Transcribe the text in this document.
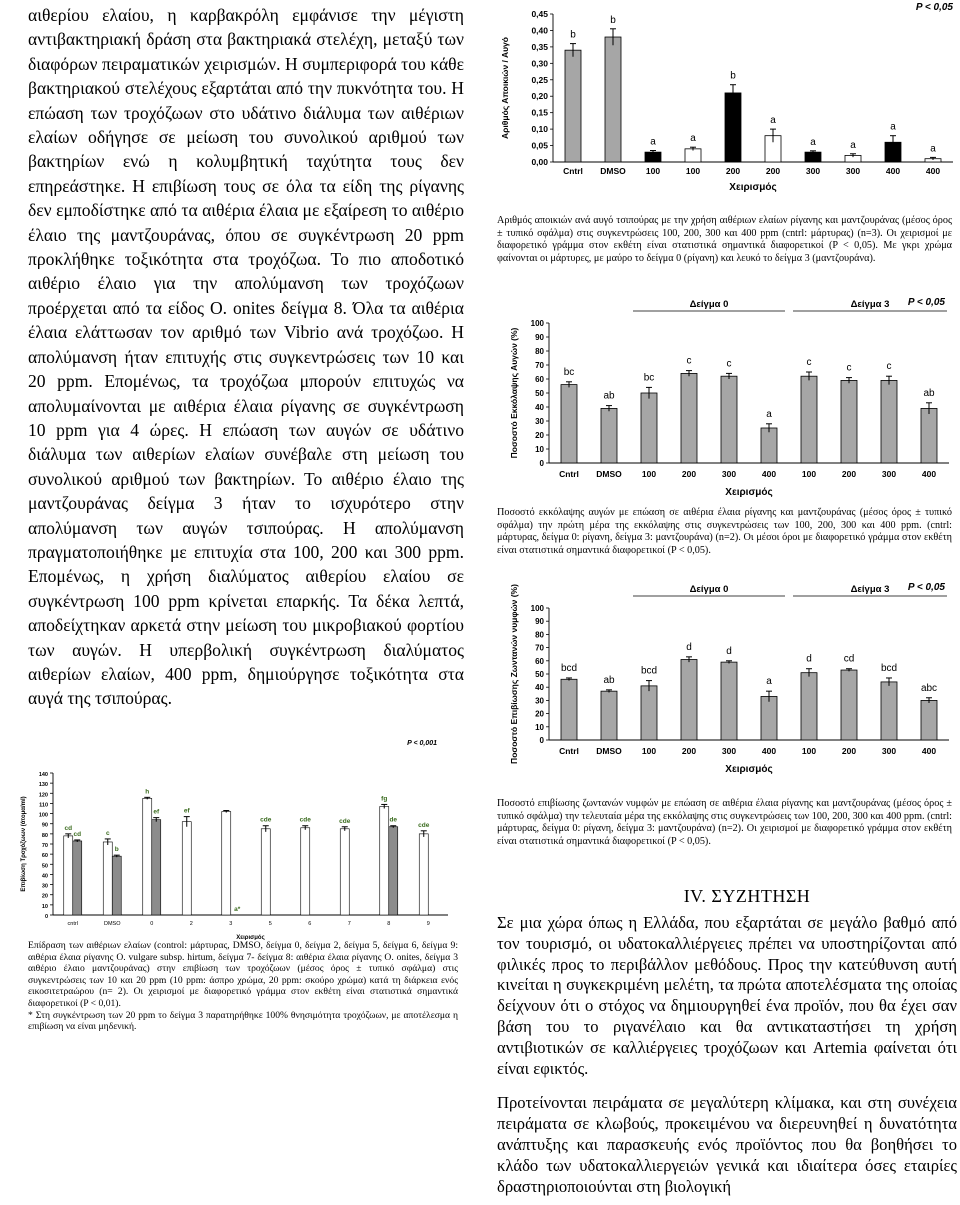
αιθερίου ελαίου, η καρβακρόλη εμφάνισε την μέγιστη αντιβακτηριακή δράση στα βακτηριακά στελέχη, μεταξύ των διαφόρων πειραματικών χειρισμών. Η συμπεριφορά του κάθε βακτηριακού στελέχους εξαρτάται από την πυκνότητα του. Η επώαση των τροχόζωων στο υδάτινο διάλυμα των αιθέριων ελαίων οδήγησε σε μείωση του συνολικού αριθμού των βακτηρίων ενώ η κολυμβητική ταχύτητα τους δεν επηρεάστηκε. Η επιβίωση τους σε όλα τα είδη της ρίγανης δεν εμποδίστηκε από τα αιθέρια έλαια με εξαίρεση το αιθέριο έλαιο της μαντζουράνας, όπου σε συγκέντρωση 20 ppm προκλήθηκε τοξικότητα στα τροχόζωα. Το πιο αποδοτικό αιθέριο έλαιο για την απολύμανση των τροχόζωων προέρχεται από τα είδος O. onites δείγμα 8. Όλα τα αιθέρια έλαια ελάττωσαν τον αριθμό των Vibrio ανά τροχόζωο. Η απολύμανση ήταν επιτυχής στις συγκεντρώσεις των 10 και 20 ppm. Επομένως, τα τροχόζωα μπορούν επιτυχώς να απολυμαίνονται με αιθέρια έλαια ρίγανης σε συγκέντρωση 10 ppm για 4 ώρες. Η επώαση των αυγών σε υδάτινο διάλυμα των αιθερίων ελαίων συνέβαλε στη μείωση του συνολικού αριθμού των βακτηρίων. Το αιθέριο έλαιο της μαντζουράνας δείγμα 3 ήταν το ισχυρότερο στην απολύμανση των αυγών τσιπούρας. Η απολύμανση πραγματοποιήθηκε με επιτυχία στα 100, 200 και 300 ppm. Επομένως, η χρήση διαλύματος αιθερίου ελαίου σε συγκέντρωση 100 ppm κρίνεται επαρκής. Τα δέκα λεπτά, αποδείχτηκαν αρκετά στην μείωση του μικροβιακού φορτίου των αυγών. Η υπερβολική συγκέντρωση διαλύματος αιθερίων ελαίων, 400 ppm, δημιούργησε τοξικότητα στα αυγά της τσιπούρας.

0,00
0,05
0,10
0,15
0,20
0,25
0,30
0,35
0,40
0,45
Αριθμός Αποικιών / Αυγό
Χειρισμός
P < 0,05
b
Cntrl
b
DMSO
a
100
a
100
b
200
a
200
a
300
a
300
a
400
a
400

Αριθμός αποικιών ανά αυγό τσιπούρας με την χρήση αιθέριων ελαίων ρίγανης και μαντζουράνας (μέσος όρος ± τυπικό σφάλμα) στις συγκεντρώσεις 100, 200, 300 και 400 ppm (cntrl: μάρτυρας) (n=3). Οι χειρισμοί με διαφορετικό γράμμα στον εκθέτη είναι στατιστικά σημαντικά διαφορετικοί (P < 0,05). Με γκρι χρώμα φαίνονται οι μάρτυρες, με μαύρο το δείγμα 0 (ρίγανη) και λευκό το δείγμα 3 (μαντζουράνα).

0
10
20
30
40
50
60
70
80
90
100
Ποσοστό Εκκόλαψης Αυγών (%)
Χειρισμός
P < 0,05
bc
Cntrl
ab
DMSO
bc
100
c
200
c
300
a
400
c
100
c
200
c
300
ab
400
Δείγμα 0	Δείγμα 3

Ποσοστό εκκόλαψης αυγών με επώαση σε αιθέρια έλαια ρίγανης και μαντζουράνας (μέσος όρος ± τυπικό σφάλμα) την πρώτη μέρα της εκκόλαψης στις συγκεντρώσεις των 100, 200, 300 και 400 ppm. (cntrl: μάρτυρας, δείγμα 0: ρίγανη, δείγμα 3: μαντζουράνα) (n=2). Οι μέσοι όροι με διαφορετικό γράμμα στον εκθέτη είναι στατιστικά σημαντικά διαφορετικοί (P < 0,05).

0
10
20
30
40
50
60
70
80
90
100
Ποσοστό Επιβίωσης Ζωντανών νυμφών (%)
Χειρισμός
P < 0,05
bcd
Cntrl
ab
DMSO
bcd
100
d
200
d
300
a
400
d
100
cd
200
bcd
300
abc
400
Δείγμα 0	Δείγμα 3

Ποσοστό επιβίωσης ζωντανών νυμφών με επώαση σε αιθέρια έλαια ρίγανης και μαντζουράνας (μέσος όρος ± τυπικό σφάλμα) την τελευταία μέρα της εκκόλαψης στις συγκεντρώσεις των 100, 200, 300 και 400 ppm. (cntrl: μάρτυρας, δείγμα 0: ρίγανη, δείγμα 3: μαντζουράνα) (n=2). Οι χειρισμοί με διαφορετικό γράμμα στον εκθέτη είναι στατιστικά σημαντικά διαφορετικοί (P < 0,05).

0
10
20
30
40
50
60
70
80
90
100
110
120
130
140
Επιβίωση Τροχόζωων (άτομα/ml)
Χειρισμός
P < 0,001
cd
cd
cntrl
c
b
DMSO
h
ef
0
ef
2
a*
3
cde
5
cde
6
cde
7
fg
de
8
cde
9

Επίδραση των αιθέριων ελαίων (control: μάρτυρας, DMSO, δείγμα 0, δείγμα 2, δείγμα 5, δείγμα 6, δείγμα 9: αιθέρια έλαια ρίγανης O. vulgare subsp. hirtum, δείγμα 7- δείγμα 8: αιθέρια έλαια ρίγανης O. onites, δείγμα 3 αιθέριο έλαιο μαντζουράνας) στην επιβίωση των τροχόζωων (μέσος όρος ± τυπικό σφάλμα) στις συγκεντρώσεις των 10 και 20 ppm (10 ppm: άσπρο χρώμα, 20 ppm: σκούρο χρώμα) κατά τη διάρκεια ενός εικοσιτετραώρου (n= 2). Οι χειρισμοί με διαφορετικό γράμμα στον εκθέτη είναι στατιστικά σημαντικά διαφορετικοί (P < 0,01).

* Στη συγκέντρωση των 20 ppm το δείγμα 3 παρατηρήθηκε 100% θνησιμότητα τροχόζωων, με αποτέλεσμα η επιβίωση να είναι μηδενική.

IV. ΣΥΖΗΤΗΣΗ

Σε μια χώρα όπως η Ελλάδα, που εξαρτάται σε μεγάλο βαθμό από τον τουρισμό, οι υδατοκαλλιέργειες πρέπει να υποστηρίζονται από φιλικές προς το περιβάλλον μεθόδους. Προς την κατεύθυνση αυτή κινείται η συγκεκριμένη μελέτη, τα πρώτα αποτελέσματα της οποίας δείχνουν ότι ο στόχος να δημιουργηθεί ένα προϊόν, που θα έχει σαν βάση του το ριγανέλαιο και θα αντικαταστήσει τη χρήση αντιβιοτικών σε καλλιέργειες τροχόζωων και Artemia φαίνεται ότι είναι εφικτός.

Προτείνονται πειράματα σε μεγαλύτερη κλίμακα, και στη συνέχεια πειράματα σε κλωβούς, προκειμένου να διερευνηθεί η δυνατότητα ανάπτυξης και παρασκευής ενός προϊόντος που θα βοηθήσει το κλάδο των υδατοκαλλιεργειών γενικά και ιδιαίτερα όσες εταιρίες δραστηριοποιούνται στη βιολογική
